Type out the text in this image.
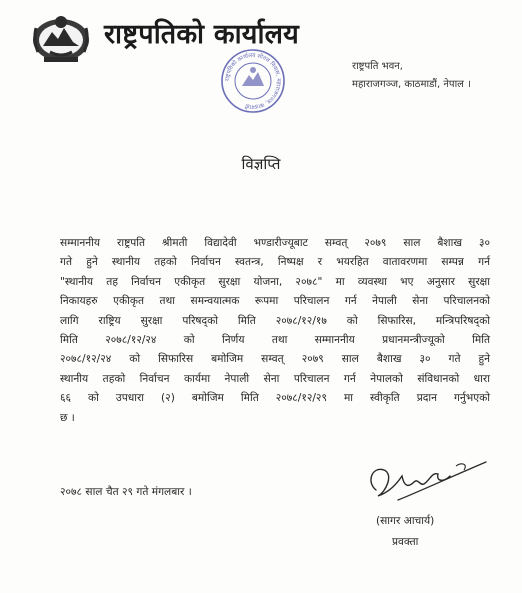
राष्ट्रपतिको कार्यालय
राष्ट्रपति भवन,
महाराजगञ्ज, काठमाडौं, नेपाल ।
राष्ट्रपतिको कार्यालय शीतल निवास, महाराजगञ्ज, काठमाडौं
विज्ञप्ति
सम्माननीय राष्ट्रपति श्रीमती विद्यादेवी भण्डारीज्यूबाट सम्वत् २०७९ साल बैशाख ३०
गते हुने स्थानीय तहको निर्वाचन स्वतन्त्र, निष्पक्ष र भयरहित वातावरणमा सम्पन्न गर्न
"स्थानीय तह निर्वाचन एकीकृत सुरक्षा योजना, २०७८" मा व्यवस्था भए अनुसार सुरक्षा
निकायहरु एकीकृत तथा समन्वयात्मक रूपमा परिचालन गर्न नेपाली सेना परिचालनको
लागि राष्ट्रिय सुरक्षा परिषद्को मिति २०७८/१२/१७ को सिफारिस, मन्त्रिपरिषद्को
मिति २०७८/१२/२४ को निर्णय तथा सम्माननीय प्रधानमन्त्रीज्यूको मिति
२०७८/१२/२४ को सिफारिस बमोजिम सम्वत् २०७९ साल बैशाख ३० गते हुने
स्थानीय तहको निर्वाचन कार्यमा नेपाली सेना परिचालन गर्न नेपालको संविधानको धारा
६६ को उपधारा (२) बमोजिम मिति २०७८/१२/२९ मा स्वीकृति प्रदान गर्नुभएको
छ ।
२०७८ साल चैत २९ गते मंगलबार ।
(सागर आचार्य)
प्रवक्ता
